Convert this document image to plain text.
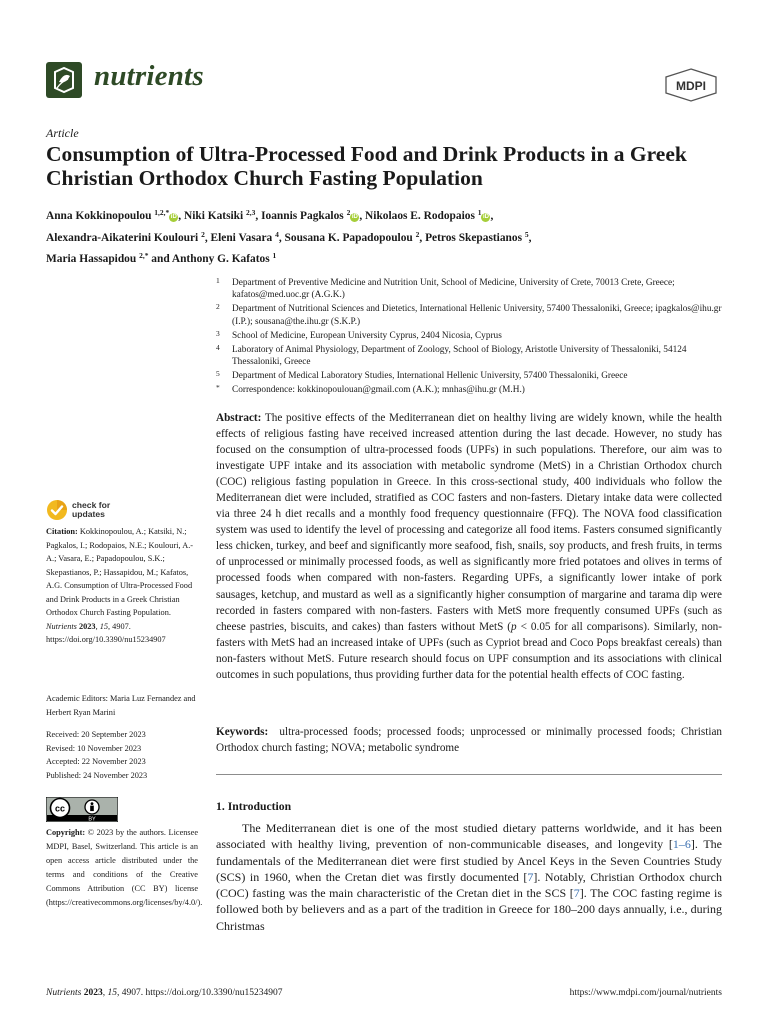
nutrients	MDPI
Article
Consumption of Ultra-Processed Food and Drink Products in a Greek Christian Orthodox Church Fasting Population
Anna Kokkinopoulou $^{1,2,*}$ iD , Niki Katsiki $^{2,3}$, Ioannis Pagkalos $^2$ iD , Nikolaos E. Rodopaios $^1$ iD ,
Alexandra-Aikaterini Koulouri $^2$, Eleni Vasara $^4$, Sousana K. Papadopoulou $^2$, Petros Skepastianos $^5$,
Maria Hassapidou $^{2,*}$ and Anthony G. Kafatos $^1$
1	Department of Preventive Medicine and Nutrition Unit, School of Medicine, University of Crete, 70013 Crete, Greece; kafatos@med.uoc.gr (A.G.K.)
2	Department of Nutritional Sciences and Dietetics, International Hellenic University, 57400 Thessaloniki, Greece; ipagkalos@ihu.gr (I.P.); sousana@the.ihu.gr (S.K.P.)
3	School of Medicine, European University Cyprus, 2404 Nicosia, Cyprus
4	Laboratory of Animal Physiology, Department of Zoology, School of Biology, Aristotle University of Thessaloniki, 54124 Thessaloniki, Greece
5	Department of Medical Laboratory Studies, International Hellenic University, 57400 Thessaloniki, Greece
*	Correspondence: kokkinopoulouan@gmail.com (A.K.); mnhas@ihu.gr (M.H.)
Abstract: The positive effects of the Mediterranean diet on healthy living are widely known, while the health effects of religious fasting have received increased attention during the last decade. However, no study has focused on the consumption of ultra-processed foods (UPFs) in such populations. Therefore, our aim was to investigate UPF intake and its association with metabolic syndrome (MetS) in a Christian Orthodox church (COC) religious fasting population in Greece. In this cross-sectional study, 400 individuals who follow the Mediterranean diet were included, stratified as COC fasters and non-fasters. Dietary intake data were collected via three 24 h diet recalls and a monthly food frequency questionnaire (FFQ). The NOVA food classification system was used to identify the level of processing and categorize all food items. Fasters consumed significantly less chicken, turkey, and beef and significantly more seafood, fish, snails, soy products, and fresh fruits, in terms of unprocessed or minimally processed foods, as well as significantly more fried potatoes and olives in terms of processed foods when compared with non-fasters. Regarding UPFs, a significantly lower intake of pork sausages, ketchup, and mustard as well as a significantly higher consumption of margarine and tarama dip were recorded in fasters compared with non-fasters. Fasters with MetS more frequently consumed UPFs (such as cheese pastries, biscuits, and cakes) than fasters without MetS (p < 0.05 for all comparisons). Similarly, non-fasters with MetS had an increased intake of UPFs (such as Cypriot bread and Coco Pops breakfast cereals) than non-fasters without MetS. Future research should focus on UPF consumption and its associations with clinical outcomes in such populations, thus providing further data for the potential health effects of COC fasting.
Keywords: ultra-processed foods; processed foods; unprocessed or minimally processed foods; Christian Orthodox church fasting; NOVA; metabolic syndrome
1. Introduction
The Mediterranean diet is one of the most studied dietary patterns worldwide, and it has been associated with healthy living, prevention of non-communicable diseases, and longevity [1–6]. The fundamentals of the Mediterranean diet were first studied by Ancel Keys in the Seven Countries Study (SCS) in 1960, when the Cretan diet was firstly documented [7]. Notably, Christian Orthodox church (COC) fasting was the main characteristic of the Cretan diet in the SCS [7]. The COC fasting regime is followed both by believers and as a part of the tradition in Greece for 180–200 days annually, i.e., during Christmas
check for
updates
Citation: Kokkinopoulou, A.; Katsiki, N.; Pagkalos, I.; Rodopaios, N.E.; Koulouri, A.-A.; Vasara, E.; Papadopoulou, S.K.; Skepastianos, P.; Hassapidou, M.; Kafatos, A.G. Consumption of Ultra-Processed Food and Drink Products in a Greek Christian Orthodox Church Fasting Population. Nutrients 2023, 15, 4907. https://doi.org/10.3390/nu15234907
Academic Editors: Maria Luz Fernandez and Herbert Ryan Marini
Received: 20 September 2023
Revised: 10 November 2023
Accepted: 22 November 2023
Published: 24 November 2023
cc
BY
Copyright: © 2023 by the authors. Licensee MDPI, Basel, Switzerland. This article is an open access article distributed under the terms and conditions of the Creative Commons Attribution (CC BY) license (https://creativecommons.org/licenses/by/4.0/).
Nutrients 2023, 15, 4907. https://doi.org/10.3390/nu15234907	https://www.mdpi.com/journal/nutrients
